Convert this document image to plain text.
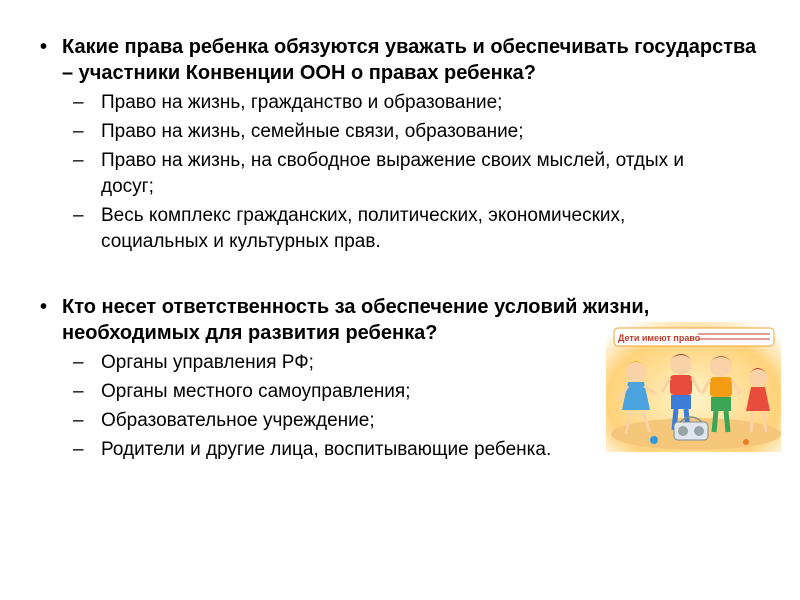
• Какие права ребенка обязуются уважать и обеспечивать государства – участники Конвенции ООН о правах ребенка?
– Право на жизнь, гражданство и образование;
– Право на жизнь, семейные связи, образование;
– Право на жизнь, на свободное выражение своих мыслей, отдых и досуг;
– Весь комплекс гражданских, политических, экономических, социальных и культурных прав.
• Кто несет ответственность за обеспечение условий жизни, необходимых для развития ребенка?
– Органы управления РФ;
– Органы местного самоуправления;
– Образовательное учреждение;
– Родители и другие лица, воспитывающие ребенка.
Дети имеют право
